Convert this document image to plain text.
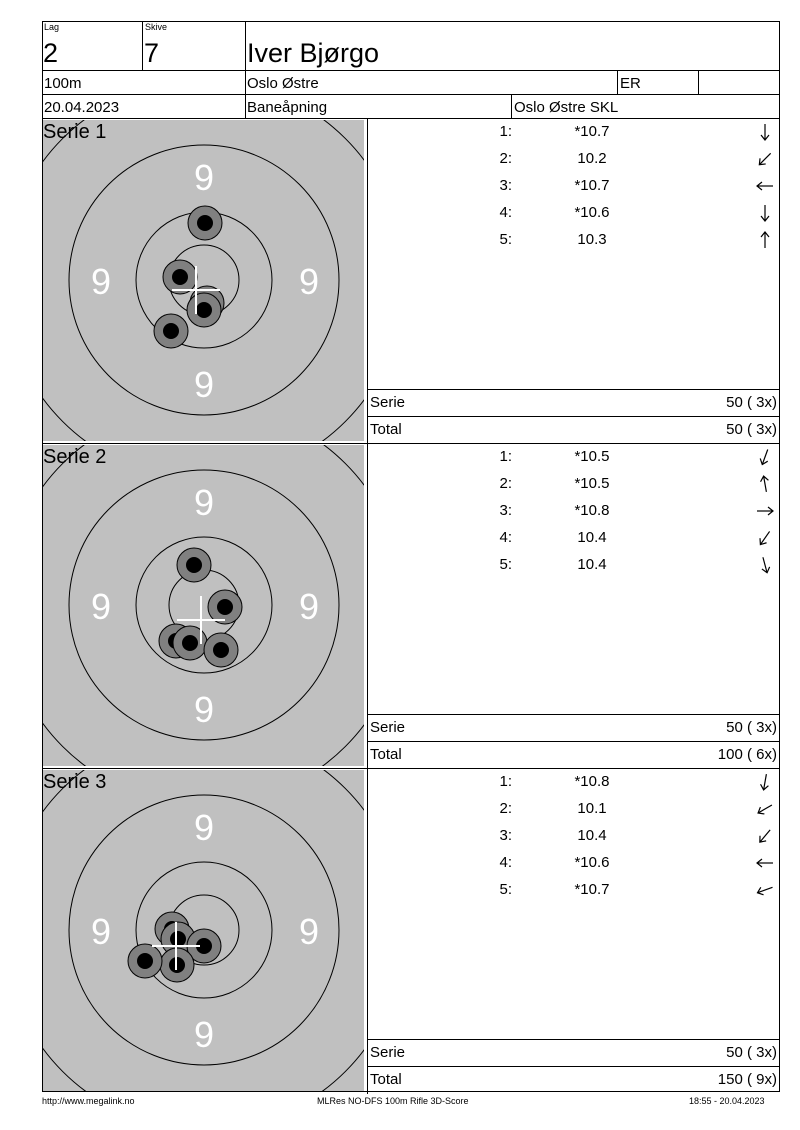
Lag
2
Skive
7	Iver Bjørgo
100m	Oslo Østre	ER
20.04.2023	Baneåpning	Oslo Østre SKL
9
9
9	9
Serie 1	1:	*10.7
2:	10.2
3:	*10.7
4:	*10.6
5:	10.3
Serie	50 ( 3x)
Total	50 ( 3x)
9
9
9	9
Serie 2	1:	*10.5
2:	*10.5
3:	*10.8
4:	10.4
5:	10.4
Serie	50 ( 3x)
Total	100 ( 6x)
9
9
9	9
Serie 3	1:	*10.8
2:	10.1
3:	10.4
4:	*10.6
5:	*10.7
Serie	50 ( 3x)
Total	150 ( 9x)
http://www.megalink.no	MLRes NO-DFS 100m Rifle 3D-Score	18:55 - 20.04.2023
